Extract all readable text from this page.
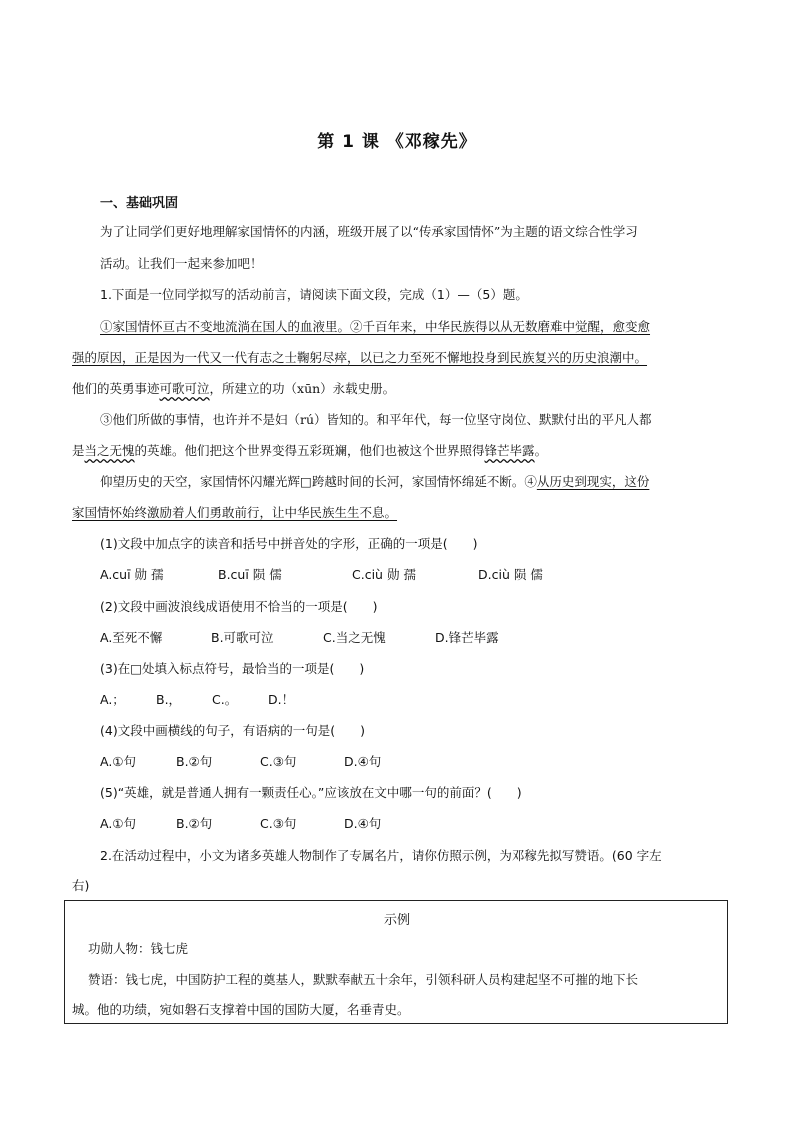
第 1 课 《邓稼先》
一、基础巩固
为了让同学们更好地理解家国情怀的内涵，班级开展了以“传承家国情怀”为主题的语文综合性学习
活动。让我们一起来参加吧！
1.下面是一位同学拟写的活动前言，请阅读下面文段，完成（1）—（5）题。
①家国情怀亘古不变地流淌在国人的血液里。②千百年来，中华民族得以从无数磨难中觉醒，愈变愈
强的原因，正是因为一代又一代有志之士鞠躬尽瘁，以已之力至死不懈地投身到民族复兴的历史浪潮中。
他们的英勇事迹可歌可泣，所建立的功（xūn）永载史册。
③他们所做的事情，也许并不是妇（rú）皆知的。和平年代，每一位坚守岗位、默默付出的平凡人都
是当之无愧的英雄。他们把这个世界变得五彩斑斓，他们也被这个世界照得锋芒毕露。
仰望历史的天空，家国情怀闪耀光辉□跨越时间的长河，家国情怀绵延不断。④从历史到现实，这份
家国情怀始终激励着人们勇敢前行，让中华民族生生不息。
(1)文段中加点字的读音和括号中拼音处的字形，正确的一项是(　　)
A.cuī 勋 孺	B.cuī 陨 儒	C.ciù 勋 孺	D.ciù 陨 儒
(2)文段中画波浪线成语使用不恰当的一项是(　　)
A.至死不懈	B.可歌可泣	C.当之无愧	D.锋芒毕露
(3)在□处填入标点符号，最恰当的一项是(　　)
A.； B.， C.。 D.！
(4)文段中画横线的句子，有语病的一句是(　　)
A.①句	B.②句	C.③句	D.④句
(5)“英雄，就是普通人拥有一颗责任心。”应该放在文中哪一句的前面？(　　)
A.①句	B.②句	C.③句	D.④句
2.在活动过程中，小文为诸多英雄人物制作了专属名片，请你仿照示例，为邓稼先拟写赞语。(60 字左
右)
示例
功勋人物：钱七虎
赞语：钱七虎，中国防护工程的奠基人，默默奉献五十余年，引领科研人员构建起坚不可摧的地下长
城。他的功绩，宛如磐石支撑着中国的国防大厦，名垂青史。
